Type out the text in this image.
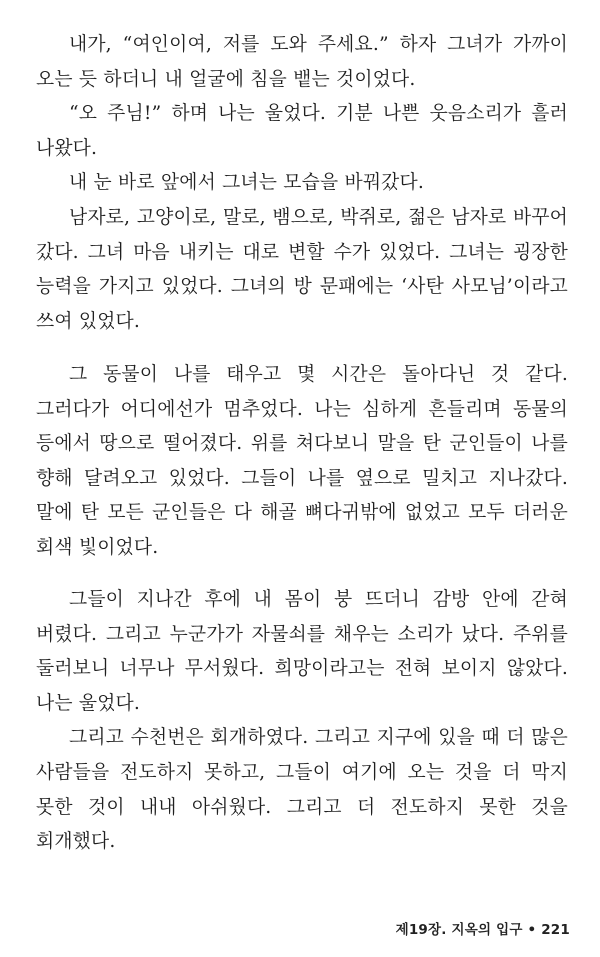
내가, “여인이여, 저를 도와 주세요.” 하자 그녀가 가까이 오는 듯 하더니 내 얼굴에 침을 뱉는 것이었다.

“오 주님!” 하며 나는 울었다. 기분 나쁜 웃음소리가 흘러 나왔다.

내 눈 바로 앞에서 그녀는 모습을 바꿔갔다.

남자로, 고양이로, 말로, 뱀으로, 박쥐로, 젊은 남자로 바꾸어 갔다. 그녀 마음 내키는 대로 변할 수가 있었다. 그녀는 굉장한 능력을 가지고 있었다. 그녀의 방 문패에는 ‘사탄 사모님’이라고 쓰여 있었다.

그 동물이 나를 태우고 몇 시간은 돌아다닌 것 같다. 그러다가 어디에선가 멈추었다. 나는 심하게 흔들리며 동물의 등에서 땅으로 떨어졌다. 위를 쳐다보니 말을 탄 군인들이 나를 향해 달려오고 있었다. 그들이 나를 옆으로 밀치고 지나갔다. 말에 탄 모든 군인들은 다 해골 뼈다귀밖에 없었고 모두 더러운 회색 빛이었다.

그들이 지나간 후에 내 몸이 붕 뜨더니 감방 안에 갇혀 버렸다. 그리고 누군가가 자물쇠를 채우는 소리가 났다. 주위를 둘러보니 너무나 무서웠다. 희망이라고는 전혀 보이지 않았다. 나는 울었다.

그리고 수천번은 회개하였다. 그리고 지구에 있을 때 더 많은 사람들을 전도하지 못하고, 그들이 여기에 오는 것을 더 막지 못한 것이 내내 아쉬웠다. 그리고 더 전도하지 못한 것을 회개했다.

제19장. 지옥의 입구 • 221
